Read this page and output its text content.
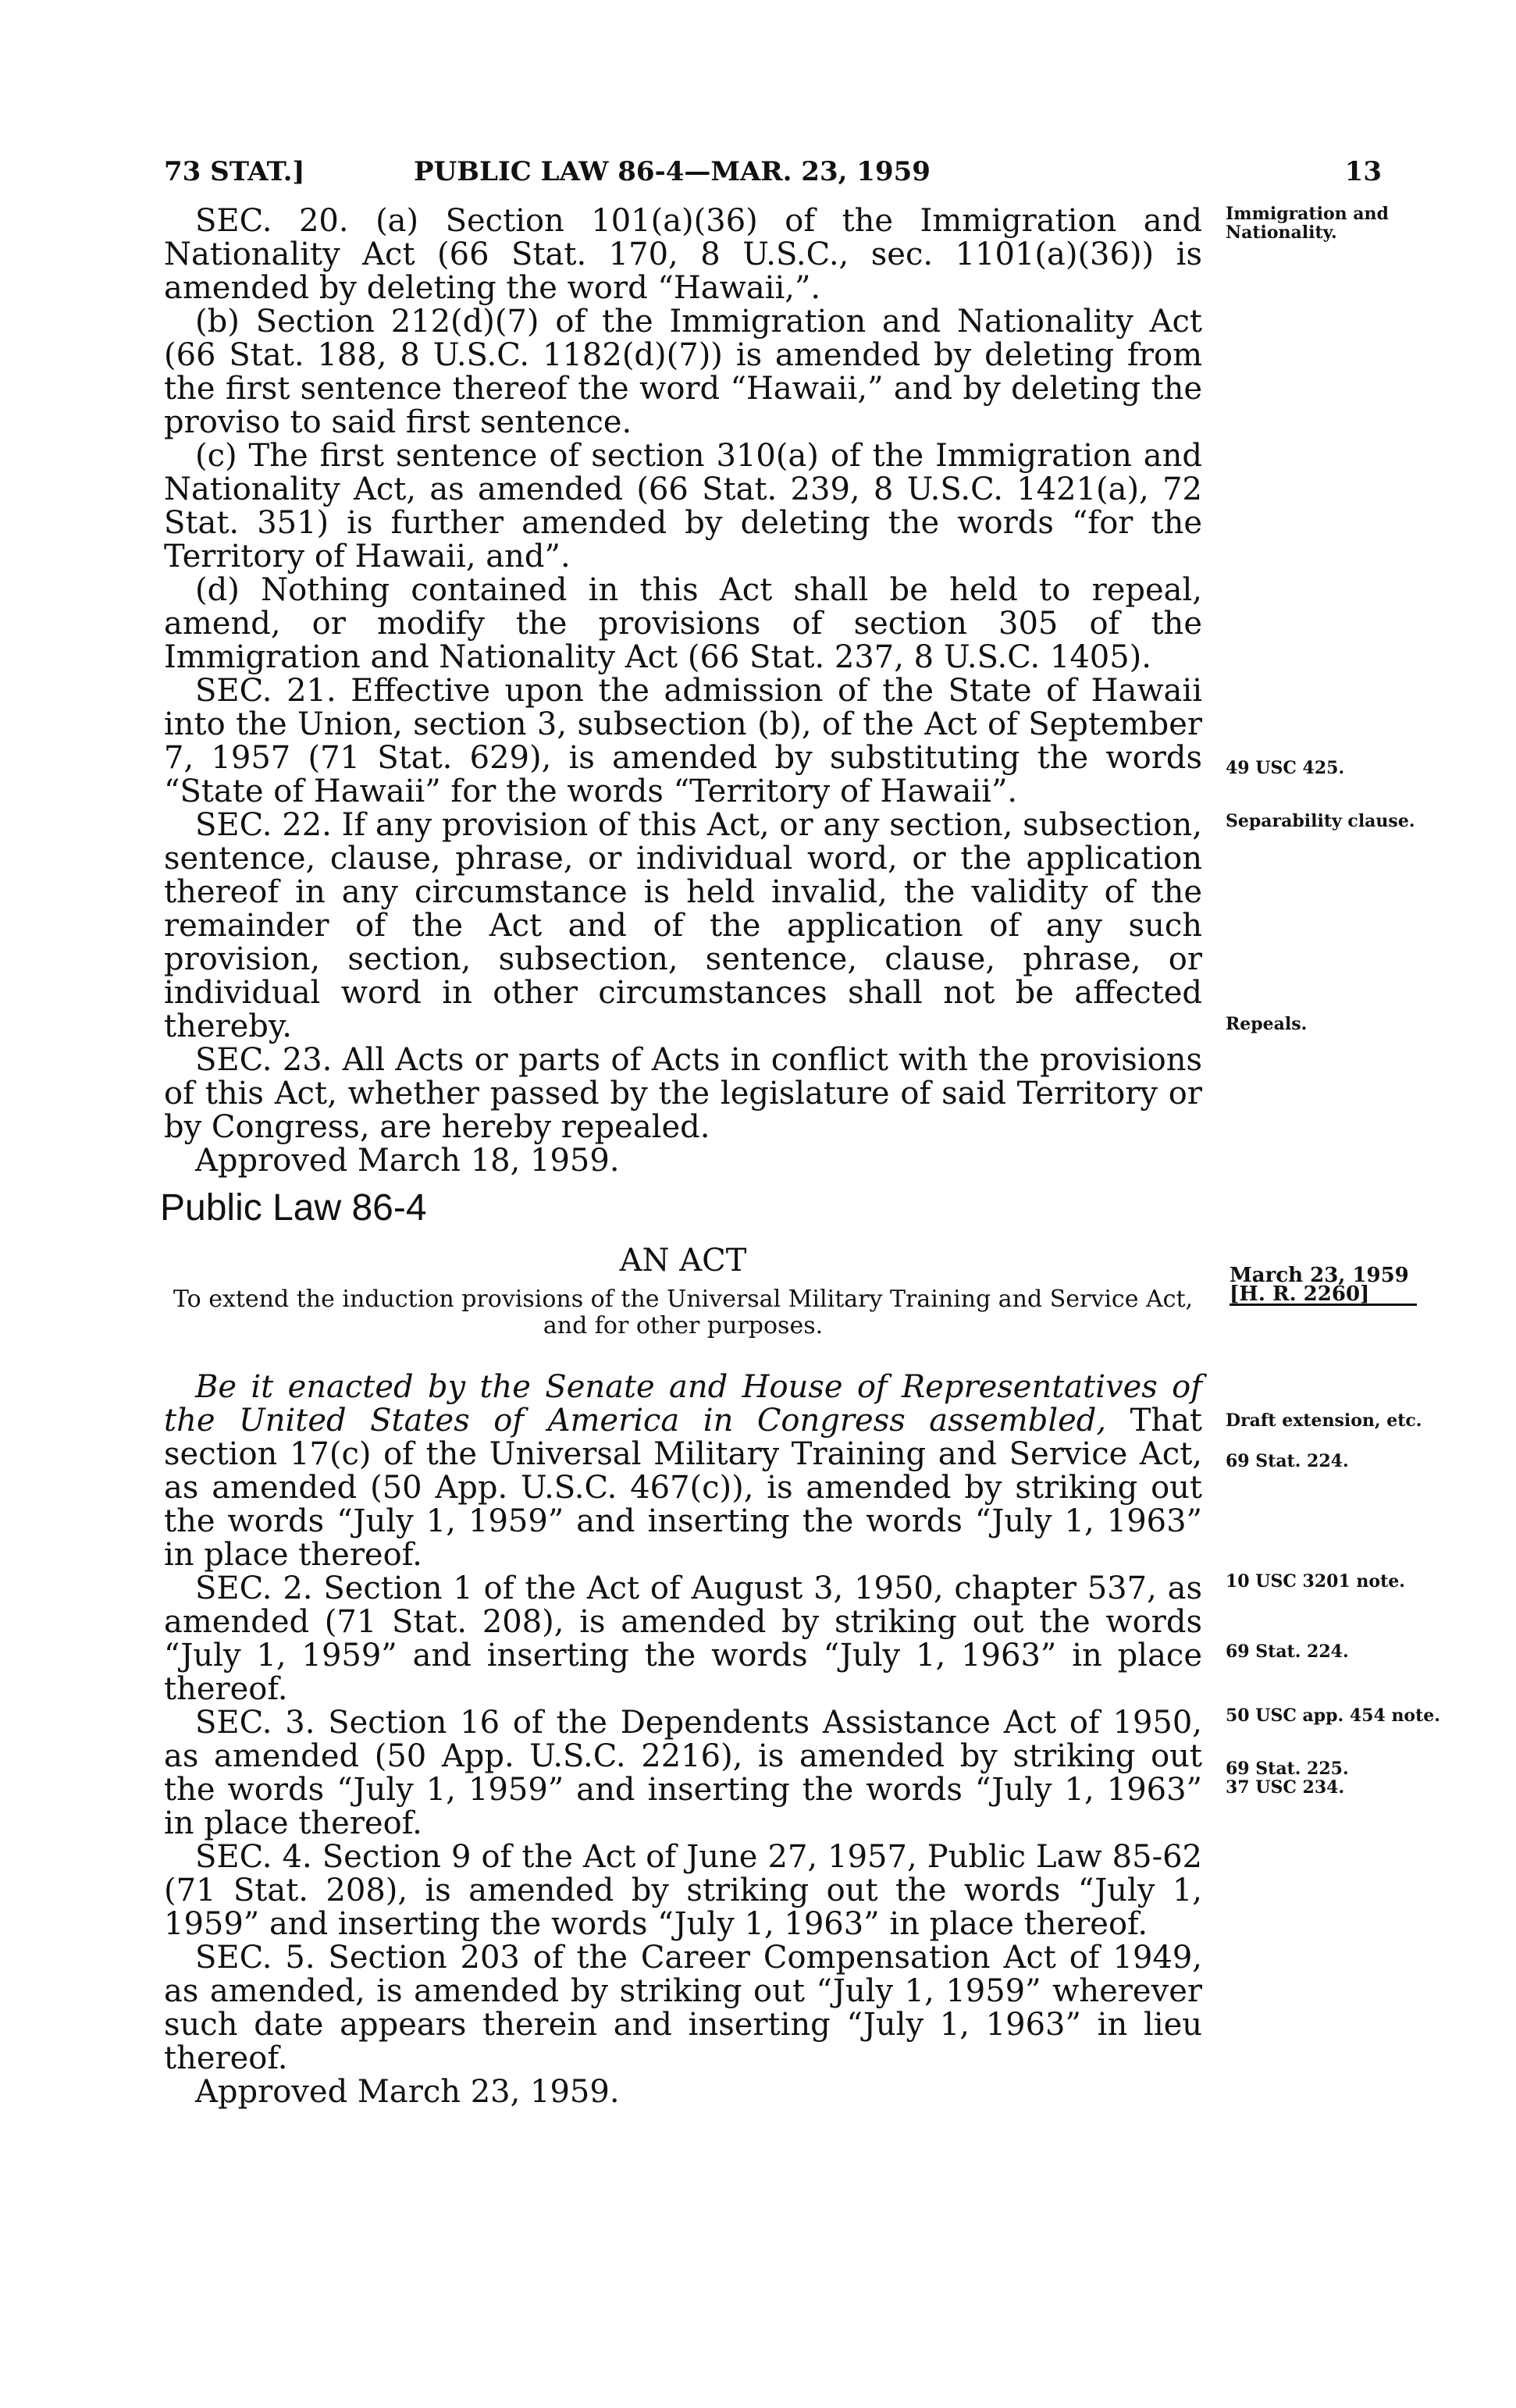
73 STAT.]	PUBLIC LAW 86-4—MAR. 23, 1959	13

SEC. 20. (a) Section 101(a)(36) of the Immigration and Nationality Act (66 Stat. 170, 8 U.S.C., sec. 1101(a)(36)) is amended by deleting the word “Hawaii,”.

(b) Section 212(d)(7) of the Immigration and Nationality Act (66 Stat. 188, 8 U.S.C. 1182(d)(7)) is amended by deleting from the first sentence thereof the word “Hawaii,” and by deleting the proviso to said first sentence.

(c) The first sentence of section 310(a) of the Immigration and Nationality Act, as amended (66 Stat. 239, 8 U.S.C. 1421(a), 72 Stat. 351) is further amended by deleting the words “for the Territory of Hawaii, and”.

(d) Nothing contained in this Act shall be held to repeal, amend, or modify the provisions of section 305 of the Immigration and Nationality Act (66 Stat. 237, 8 U.S.C. 1405).

SEC. 21. Effective upon the admission of the State of Hawaii into the Union, section 3, subsection (b), of the Act of September 7, 1957 (71 Stat. 629), is amended by substituting the words “State of Hawaii” for the words “Territory of Hawaii”.

SEC. 22. If any provision of this Act, or any section, subsection, sentence, clause, phrase, or individual word, or the application thereof in any circumstance is held invalid, the validity of the remainder of the Act and of the application of any such provision, section, subsection, sentence, clause, phrase, or individual word in other circumstances shall not be affected thereby.

SEC. 23. All Acts or parts of Acts in conflict with the provisions of this Act, whether passed by the legislature of said Territory or by Congress, are hereby repealed.

Approved March 18, 1959.

Immigration and Nationality.
49 USC 425.
Separability clause.
Repeals.
Public Law 86-4
AN ACT
To extend the induction provisions of the Universal Military Training and Service Act, and for other purposes.
March 23, 1959
[H. R. 2260]

Be it enacted by the Senate and House of Representatives of the United States of America in Congress assembled, That section 17(c) of the Universal Military Training and Service Act, as amended (50 App. U.S.C. 467(c)), is amended by striking out the words “July 1, 1959” and inserting the words “July 1, 1963” in place thereof.

SEC. 2. Section 1 of the Act of August 3, 1950, chapter 537, as amended (71 Stat. 208), is amended by striking out the words “July 1, 1959” and inserting the words “July 1, 1963” in place thereof.

SEC. 3. Section 16 of the Dependents Assistance Act of 1950, as amended (50 App. U.S.C. 2216), is amended by striking out the words “July 1, 1959” and inserting the words “July 1, 1963” in place thereof.

SEC. 4. Section 9 of the Act of June 27, 1957, Public Law 85-62 (71 Stat. 208), is amended by striking out the words “July 1, 1959” and inserting the words “July 1, 1963” in place thereof.

SEC. 5. Section 203 of the Career Compensation Act of 1949, as amended, is amended by striking out “July 1, 1959” wherever such date appears therein and inserting “July 1, 1963” in lieu thereof.

Approved March 23, 1959.

Draft extension, etc.
69 Stat. 224.
10 USC 3201 note.
69 Stat. 224.
50 USC app. 454 note.
69 Stat. 225.
37 USC 234.
